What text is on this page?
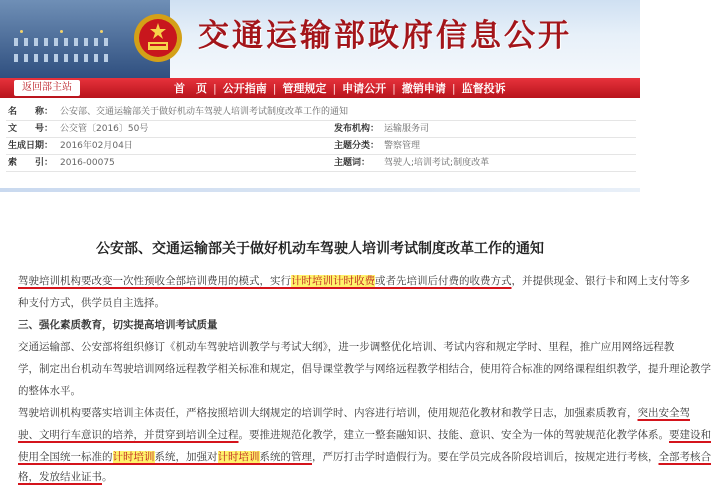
交通运输部政府信息公开
返回部主站	首　页 | 公开指南 | 管理规定 | 申请公开 | 撤销申请 | 监督投诉
名　　称： 公安部、交通运输部关于做好机动车驾驶人培训考试制度改革工作的通知
文　　号： 公交管〔2016〕50号	发布机构： 运输服务司
生成日期： 2016年02月04日	主题分类： 警察管理
索　　引： 2016-00075	主题词： 驾驶人;培训考试;制度改革
公安部、交通运输部关于做好机动车驾驶人培训考试制度改革工作的通知
驾驶培训机构要改变一次性预收全部培训费用的模式，实行计时培训计时收费或者先培训后付费的收费方式，并提供现金、银行卡和网上支付等多
种支付方式，供学员自主选择。
三、强化素质教育，切实提高培训考试质量
交通运输部、公安部将组织修订《机动车驾驶培训教学与考试大纲》，进一步调整优化培训、考试内容和规定学时、里程，推广应用网络远程教
学，制定出台机动车驾驶培训网络远程教学相关标准和规定，倡导课堂教学与网络远程教学相结合，使用符合标准的网络课程组织教学，提升理论教学
的整体水平。
驾驶培训机构要落实培训主体责任，严格按照培训大纲规定的培训学时、内容进行培训，使用规范化教材和教学日志，加强素质教育，突出安全驾
驶、文明行车意识的培养，并贯穿到培训全过程。要推进规范化教学，建立一整套融知识、技能、意识、安全为一体的驾驶规范化教学体系。要建设和
使用全国统一标准的计时培训系统，加强对计时培训系统的管理，严厉打击学时造假行为。要在学员完成各阶段培训后，按规定进行考核，全部考核合
格，发放结业证书。
